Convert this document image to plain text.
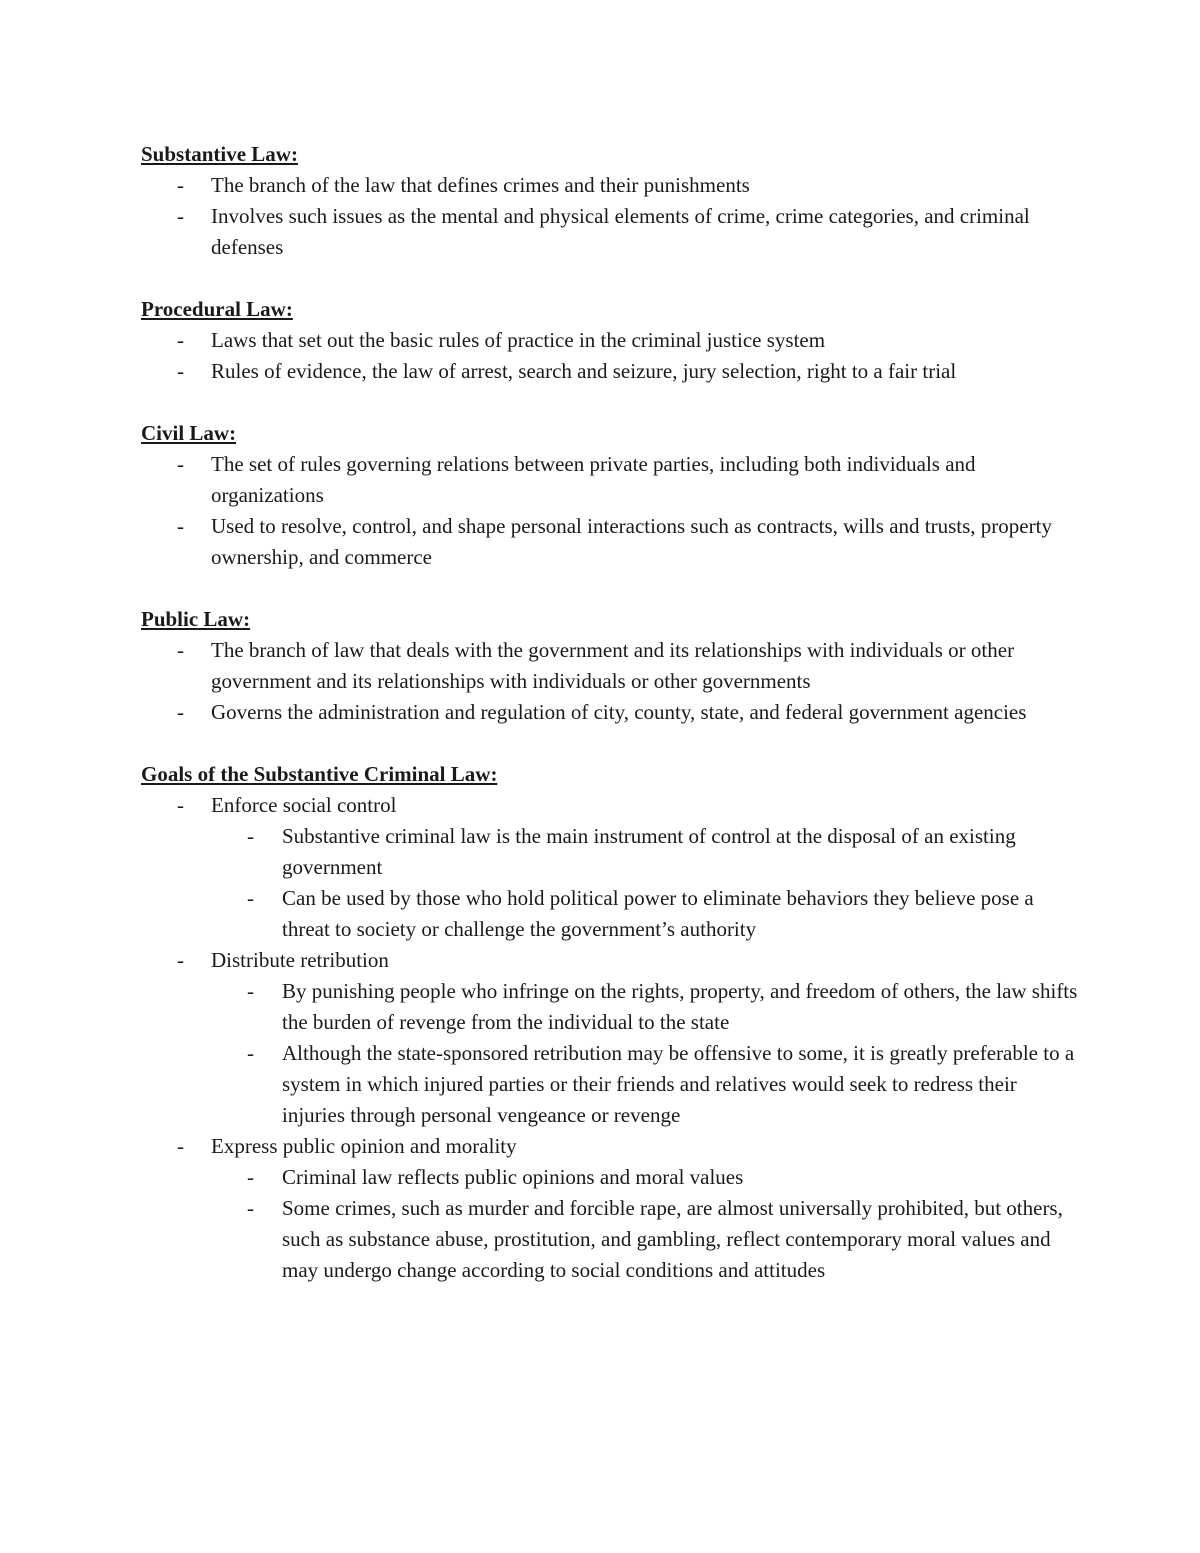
Substantive Law:
-	The branch of the law that defines crimes and their punishments
-	Involves such issues as the mental and physical elements of crime, crime categories, and criminal defenses
Procedural Law:
-	Laws that set out the basic rules of practice in the criminal justice system
-	Rules of evidence, the law of arrest, search and seizure, jury selection, right to a fair trial
Civil Law:
-	The set of rules governing relations between private parties, including both individuals and organizations
-	Used to resolve, control, and shape personal interactions such as contracts, wills and trusts, property ownership, and commerce
Public Law:
-	The branch of law that deals with the government and its relationships with individuals or other government and its relationships with individuals or other governments
-	Governs the administration and regulation of city, county, state, and federal government agencies
Goals of the Substantive Criminal Law:
-	Enforce social control
-	Substantive criminal law is the main instrument of control at the disposal of an existing government
-	Can be used by those who hold political power to eliminate behaviors they believe pose a threat to society or challenge the government’s authority
-	Distribute retribution
-	By punishing people who infringe on the rights, property, and freedom of others, the law shifts the burden of revenge from the individual to the state
-	Although the state-sponsored retribution may be offensive to some, it is greatly preferable to a system in which injured parties or their friends and relatives would seek to redress their injuries through personal vengeance or revenge
-	Express public opinion and morality
-	Criminal law reflects public opinions and moral values
-	Some crimes, such as murder and forcible rape, are almost universally prohibited, but others, such as substance abuse, prostitution, and gambling, reflect contemporary moral values and may undergo change according to social conditions and attitudes
